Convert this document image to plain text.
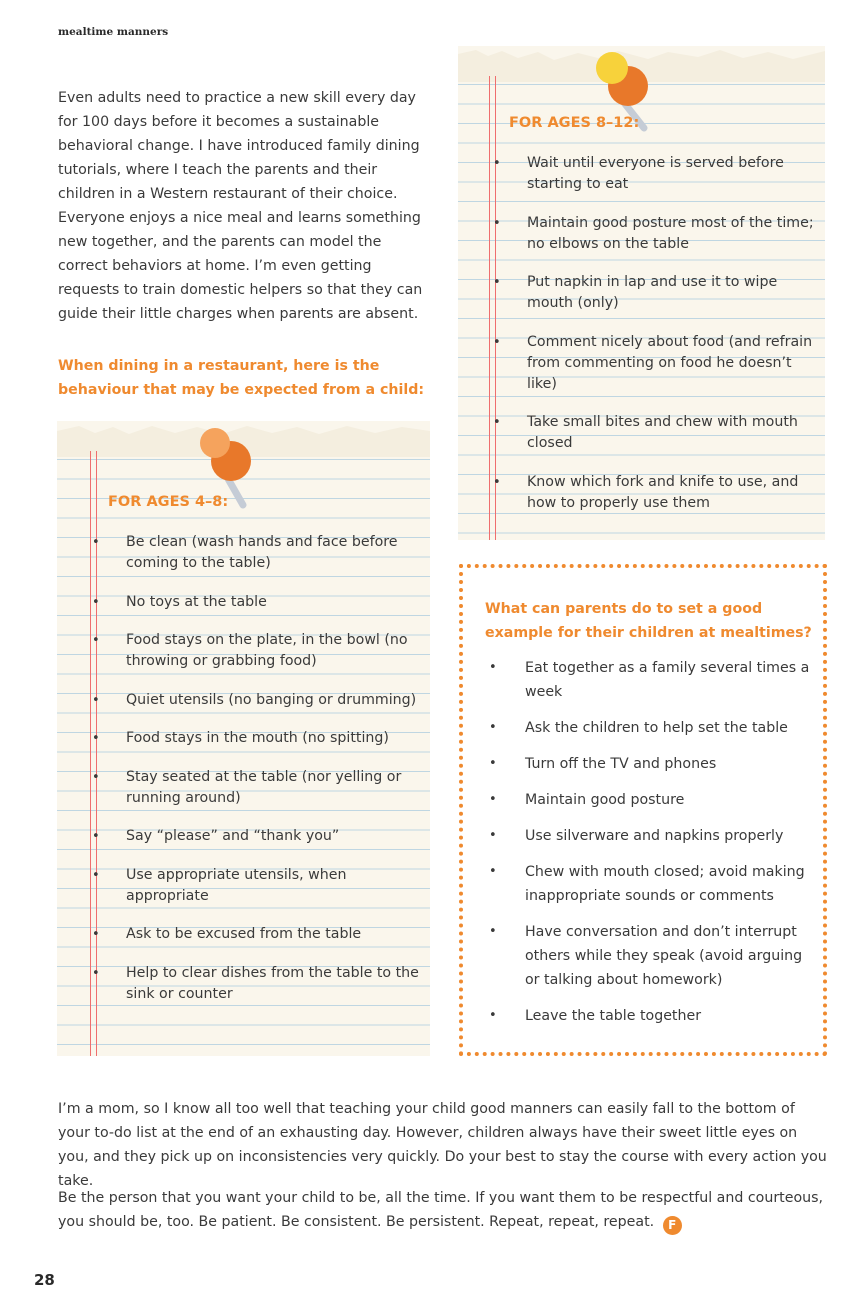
mealtime manners
Even adults need to practice a new skill every day for 100 days before it becomes a sustainable behavioral change. I have introduced family dining tutorials, where I teach the parents and their children in a Western restaurant of their choice. Everyone enjoys a nice meal and learns something new together, and the parents can model the correct behaviors at home. I’m even getting requests to train domestic helpers so that they can guide their little charges when parents are absent.
When dining in a restaurant, here is the behaviour that may be expected from a child:
FOR AGES 8–12:
• Wait until everyone is served before starting to eat
• Maintain good posture most of the time; no elbows on the table
• Put napkin in lap and use it to wipe mouth (only)
• Comment nicely about food (and refrain from commenting on food he doesn’t like)
• Take small bites and chew with mouth closed
• Know which fork and knife to use, and how to properly use them
FOR AGES 4–8:
• Be clean (wash hands and face before coming to the table)
• No toys at the table
• Food stays on the plate, in the bowl (no throwing or grabbing food)
• Quiet utensils (no banging or drumming)
• Food stays in the mouth (no spitting)
• Stay seated at the table (nor yelling or running around)
• Say “please” and “thank you”
• Use appropriate utensils, when appropriate
• Ask to be excused from the table
• Help to clear dishes from the table to the sink or counter
What can parents do to set a good example for their children at mealtimes?
• Eat together as a family several times a week
• Ask the children to help set the table
• Turn off the TV and phones
• Maintain good posture
• Use silverware and napkins properly
• Chew with mouth closed; avoid making inappropriate sounds or comments
• Have conversation and don’t interrupt others while they speak (avoid arguing or talking about homework)
• Leave the table together
I’m a mom, so I know all too well that teaching your child good manners can easily fall to the bottom of your to-do list at the end of an exhausting day. However, children always have their sweet little eyes on you, and they pick up on inconsistencies very quickly. Do your best to stay the course with every action you take.
Be the person that you want your child to be, all the time. If you want them to be respectful and courteous, you should be, too. Be patient. Be consistent. Be persistent. Repeat, repeat, repeat. F
28
